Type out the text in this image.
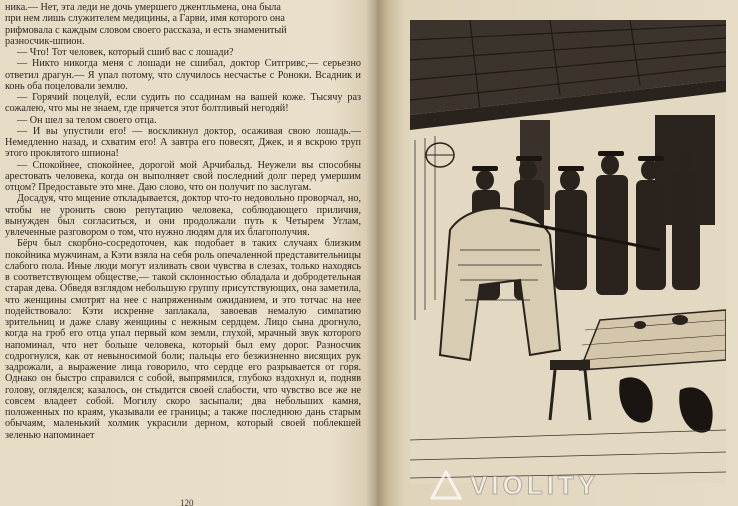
ника.— Нет, эта леди не дочь умершего джентльмена, она была
при нем лишь служителем медицины, а Гарви, имя которого она
рифмовала с каждым словом своего рассказа, и есть знаменитый
разносчик-шпион.
— Что! Тот человек, который сшиб вас с лошади?
— Никто никогда меня с лошади не сшибал, доктор Ситгривс,— серьезно ответил драгун.— Я упал потому, что случилось несчастье с Роноки. Всадник и конь оба поцеловали землю.
— Горячий поцелуй, если судить по ссадинам на вашей коже. Тысячу раз сожалею, что мы не знаем, где прячется этот болтливый негодяй!
— Он шел за телом своего отца.
— И вы упустили его! — воскликнул доктор, осаживая свою лошадь.— Немедленно назад, и схватим его! А завтра его повесят, Джек, и я вскрою труп этого проклятого шпиона!
— Спокойнее, спокойнее, дорогой мой Арчибальд. Неужели вы способны арестовать человека, когда он выполняет свой последний долг перед умершим отцом? Предоставьте это мне. Даю слово, что он получит по заслугам.
Досадуя, что мщение откладывается, доктор что-то недовольно проворчал, но, чтобы не уронить свою репутацию человека, соблюдающего приличия, вынужден был согласиться, и они продолжали путь к Четырем Углам, увлеченные разговором о том, что нужно людям для их благополучия.
Бёрч был скорбно-сосредоточен, как подобает в таких случаях близким покойника мужчинам, а Кэти взяла на себя роль опечаленной представительницы слабого пола. Иные люди могут изливать свои чувства в слезах, только находясь в соответствующем обществе,— такой склонностью обладала и добродетельная старая дева. Обведя взглядом небольшую группу присутствующих, она заметила, что женщины смотрят на нее с напряженным ожиданием, и это тотчас на нее подействовало: Кэти искренне заплакала, завоевав немалую симпатию зрительниц и даже славу женщины с нежным сердцем. Лицо сына дрогнуло, когда на гроб его отца упал первый ком земли, глухой, мрачный звук которого напоминал, что нет больше человека, который был ему дорог. Разносчик содрогнулся, как от невыносимой боли; пальцы его безжизненно висящих рук задрожали, а выражение лица говорило, что сердце его разрывается от горя. Однако он быстро справился с собой, выпрямился, глубоко вздохнул и, подняв голову, огляделся; казалось, он стыдится своей слабости, что чувство все же не совсем владеет собой. Могилу скоро засыпали; два небольших камня, положенных по краям, указывали ее границы; а также последнюю дань старым обычаям, маленький холмик украсили дерном, который своей поблекшей зеленью напоминает
120
VIOLITY
